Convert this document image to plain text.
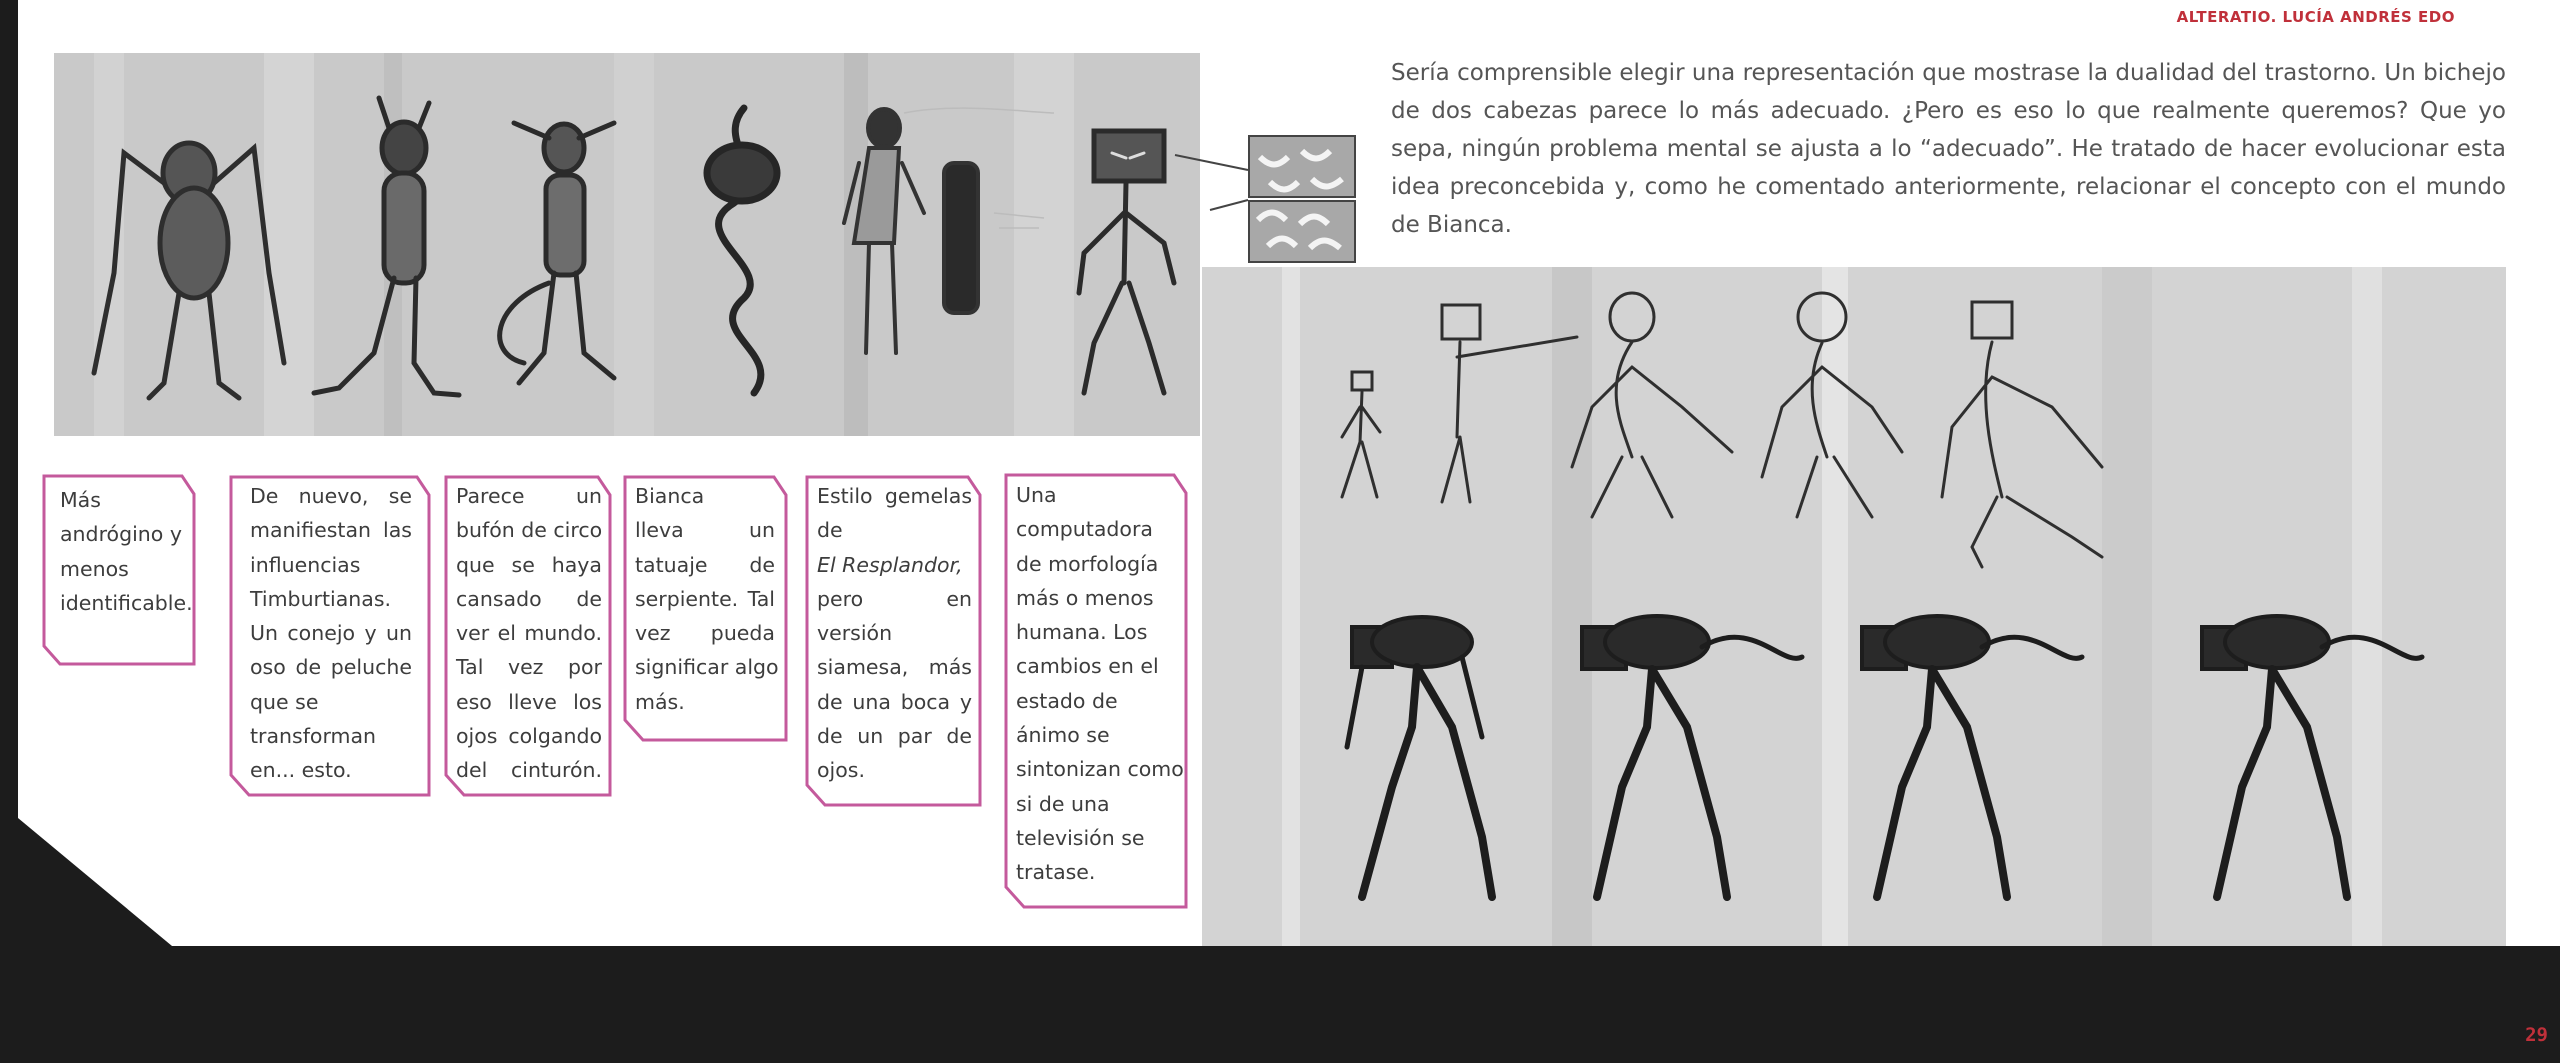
ALTERATIO. LUCÍA ANDRÉS EDO

Sería comprensible elegir una representación que mostrase la dualidad del trastorno. Un bichejo de dos cabezas parece lo más adecuado. ¿Pero es eso lo que realmente queremos? Que yo sepa, ningún problema mental se ajusta a lo “adecuado”. He tratado de hacer evolucionar esta idea preconcebida y, como he comentado anteriormente, relacionar el concepto con el mundo de Bianca.

Más
andrógino y
menos
identificable.
De nuevo, se
manifiestan las
influencias
Timburtianas.
Un conejo y un
oso de peluche
que se
transforman
en... esto.
Parece un
bufón de circo
que se haya
cansado de
ver el mundo.
Tal vez por
eso lleve los
ojos colgando
del cinturón.
Bianca
lleva un
tatuaje de
serpiente. Tal
vez pueda
significar algo
más.
Estilo gemelas
de
El Resplandor,
pero en
versión
siamesa, más
de una boca y
de un par de
ojos.
Una
computadora
de morfología
más o menos
humana. Los
cambios en el
estado de
ánimo se
sintonizan como
si de una
televisión se
tratase.
29
